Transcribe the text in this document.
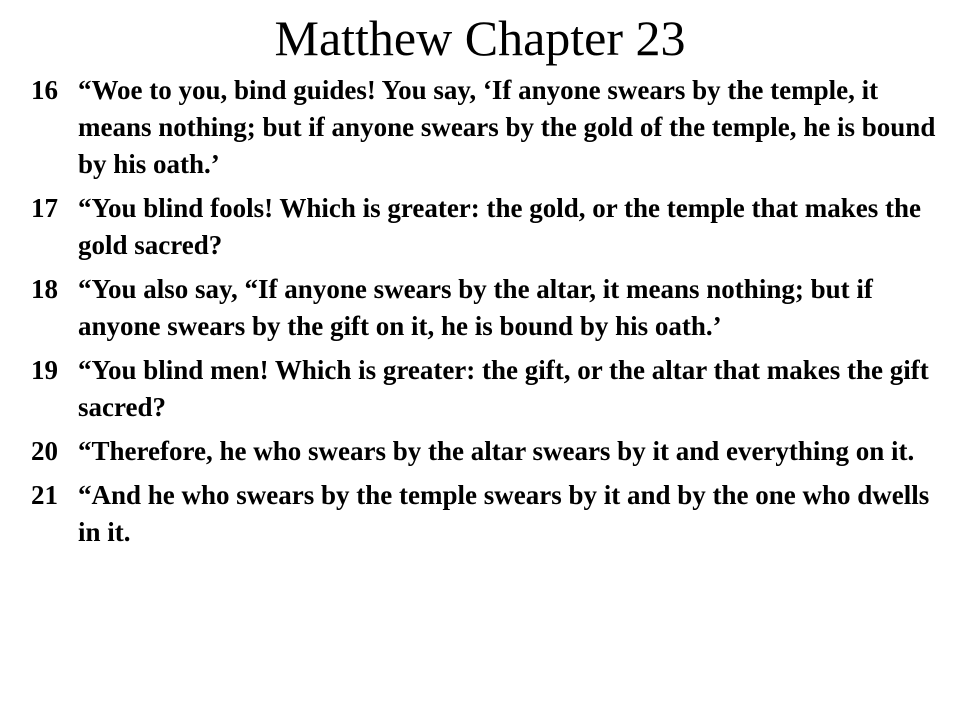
Matthew Chapter 23
16 “Woe to you, bind guides! You say, ‘If anyone swears by the temple, it means nothing; but if anyone swears by the gold of the temple, he is bound by his oath.’
17 “You blind fools! Which is greater: the gold, or the temple that makes the gold sacred?
18 “You also say, “If anyone swears by the altar, it means nothing; but if anyone swears by the gift on it, he is bound by his oath.’
19 “You blind men! Which is greater: the gift, or the altar that makes the gift sacred?
20 “Therefore, he who swears by the altar swears by it and everything on it.
21 “And he who swears by the temple swears by it and by the one who dwells in it.
